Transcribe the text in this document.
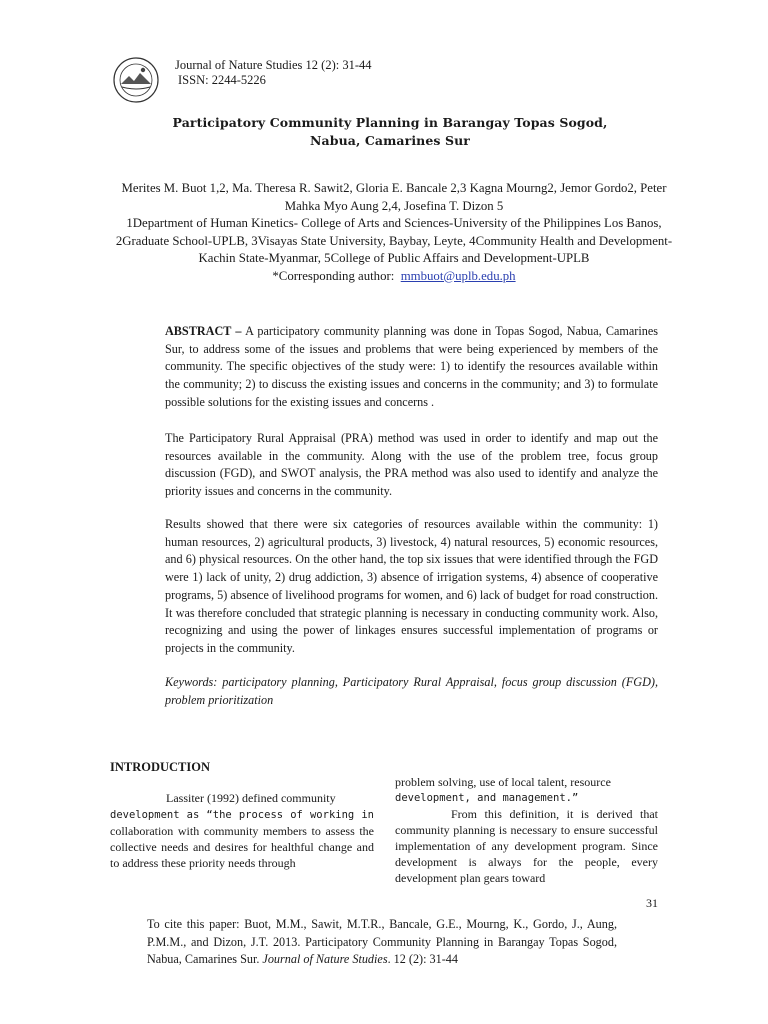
Journal of Nature Studies 12 (2): 31-44
ISSN: 2244-5226
Participatory Community Planning in Barangay Topas Sogod,
Nabua, Camarines Sur

Merites M. Buot 1,2, Ma. Theresa R. Sawit2, Gloria E. Bancale 2,3 Kagna Mourng2, Jemor Gordo2, Peter Mahka Myo Aung 2,4, Josefina T. Dizon 5

1Department of Human Kinetics- College of Arts and Sciences-University of the Philippines Los Banos, 2Graduate School-UPLB, 3Visayas State University, Baybay, Leyte, 4Community Health and Development-Kachin State-Myanmar, 5College of Public Affairs and Development-UPLB

*Corresponding author: mmbuot@uplb.edu.ph

ABSTRACT – A participatory community planning was done in Topas Sogod, Nabua, Camarines Sur, to address some of the issues and problems that were being experienced by members of the community. The specific objectives of the study were: 1) to identify the resources available within the community; 2) to discuss the existing issues and concerns in the community; and 3) to formulate possible solutions for the existing issues and concerns .

The Participatory Rural Appraisal (PRA) method was used in order to identify and map out the resources available in the community. Along with the use of the problem tree, focus group discussion (FGD), and SWOT analysis, the PRA method was also used to identify and analyze the priority issues and concerns in the community.

Results showed that there were six categories of resources available within the community: 1) human resources, 2) agricultural products, 3) livestock, 4) natural resources, 5) economic resources, and 6) physical resources. On the other hand, the top six issues that were identified through the FGD were 1) lack of unity, 2) drug addiction, 3) absence of irrigation systems, 4) absence of cooperative programs, 5) absence of livelihood programs for women, and 6) lack of budget for road construction. It was therefore concluded that strategic planning is necessary in conducting community work. Also, recognizing and using the power of linkages ensures successful implementation of programs or projects in the community.

Keywords: participatory planning, Participatory Rural Appraisal, focus group discussion (FGD), problem prioritization

INTRODUCTION
Lassiter (1992) defined community
development as “the process of working in collaboration with community members to assess the collective needs and desires for healthful change and to address these priority needs through
problem solving, use of local talent, resource
development, and management.”
From this definition, it is derived that community planning is necessary to ensure successful implementation of any development program. Since development is always for the people, every development plan gears toward
31

To cite this paper: Buot, M.M., Sawit, M.T.R., Bancale, G.E., Mourng, K., Gordo, J., Aung, P.M.M., and Dizon, J.T. 2013. Participatory Community Planning in Barangay Topas Sogod, Nabua, Camarines Sur. Journal of Nature Studies. 12 (2): 31-44
